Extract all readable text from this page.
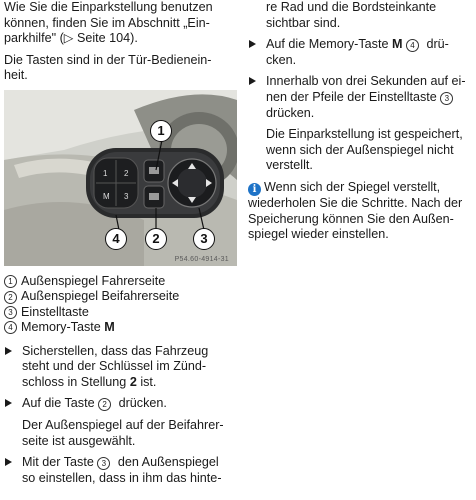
Wie Sie die Einparkstellung benutzen
können, finden Sie im Abschnitt „Ein-
parkhilfe" (▷ Seite 104).

Die Tasten sind in der Tür-Bedienein-
heit.

1 2
M 3
1
4	2	3
P54.60-4914-31
1 Außenspiegel Fahrerseite
2 Außenspiegel Beifahrerseite
3 Einstelltaste
4 Memory-Taste M
Sicherstellen, dass das Fahrzeug
steht und der Schlüssel im Zünd-
schloss in Stellung 2 ist.
Auf die Taste 2 drücken.

Der Außenspiegel auf der Beifahrer-
seite ist ausgewählt.

Mit der Taste 3 den Außenspiegel
so einstellen, dass in ihm das hinte-

re Rad und die Bordsteinkante
sichtbar sind.

Auf die Memory-Taste M 4 drü-
cken.
Innerhalb von drei Sekunden auf ei-
nen der Pfeile der Einstelltaste 3
drücken.

Die Einparkstellung ist gespeichert,
wenn sich der Außenspiegel nicht
verstellt.

i Wenn sich der Spiegel verstellt,
wiederholen Sie die Schritte. Nach der
Speicherung können Sie den Außen-
spiegel wieder einstellen.
